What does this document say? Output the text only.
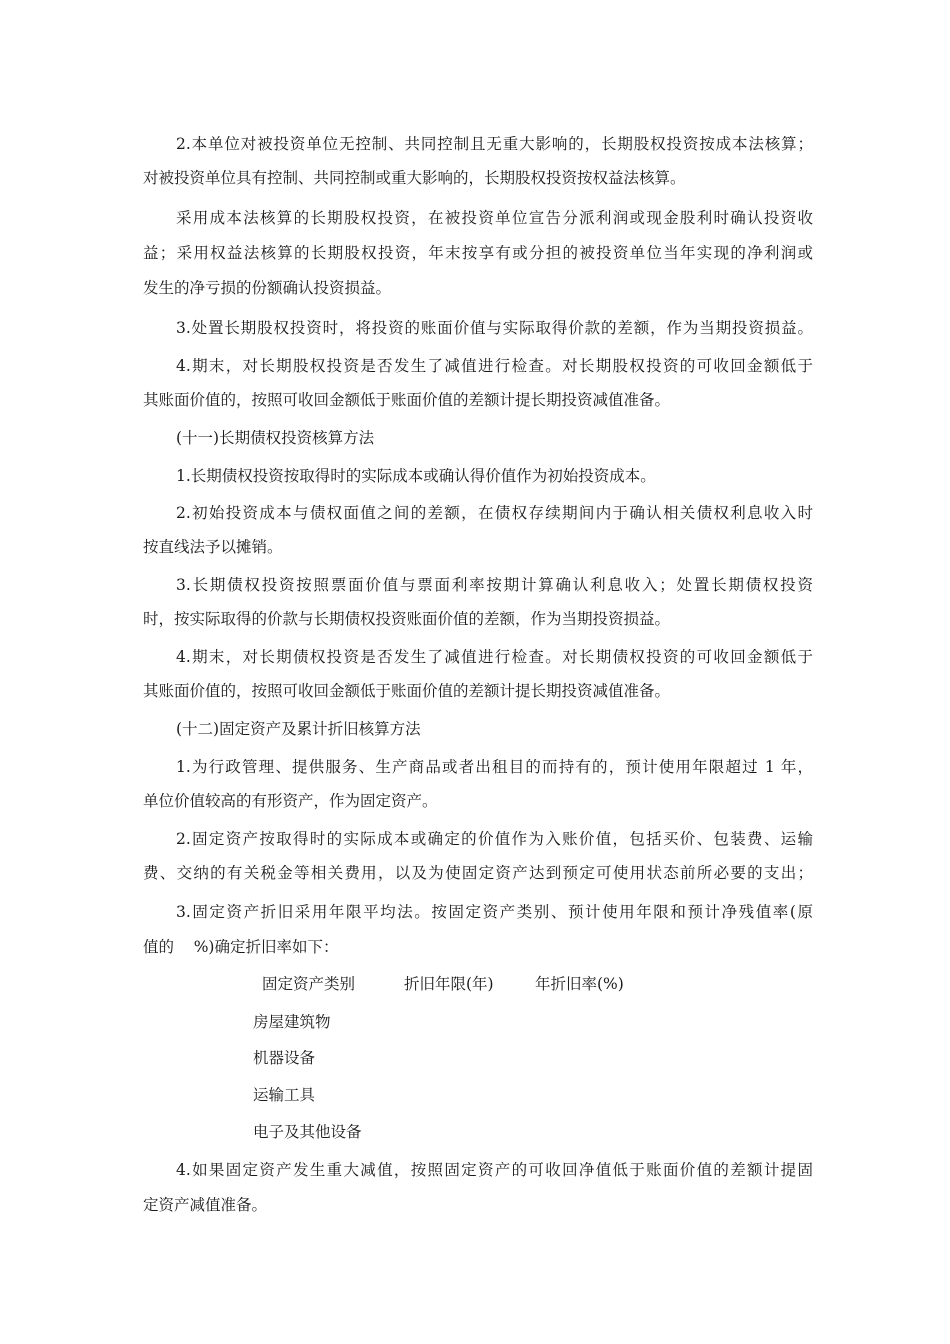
2.本单位对被投资单位无控制、共同控制且无重大影响的，长期股权投资按成本法核算；
对被投资单位具有控制、共同控制或重大影响的，长期股权投资按权益法核算。
采用成本法核算的长期股权投资，在被投资单位宣告分派利润或现金股利时确认投资收
益；采用权益法核算的长期股权投资，年末按享有或分担的被投资单位当年实现的净利润或
发生的净亏损的份额确认投资损益。
3.处置长期股权投资时，将投资的账面价值与实际取得价款的差额，作为当期投资损益。
4.期末，对长期股权投资是否发生了减值进行检查。对长期股权投资的可收回金额低于
其账面价值的，按照可收回金额低于账面价值的差额计提长期投资减值准备。
(十一)长期债权投资核算方法
1.长期债权投资按取得时的实际成本或确认得价值作为初始投资成本。
2.初始投资成本与债权面值之间的差额，在债权存续期间内于确认相关债权利息收入时
按直线法予以摊销。
3.长期债权投资按照票面价值与票面利率按期计算确认利息收入；处置长期债权投资
时，按实际取得的价款与长期债权投资账面价值的差额，作为当期投资损益。
4.期末，对长期债权投资是否发生了减值进行检查。对长期债权投资的可收回金额低于
其账面价值的，按照可收回金额低于账面价值的差额计提长期投资减值准备。
(十二)固定资产及累计折旧核算方法
1.为行政管理、提供服务、生产商品或者出租目的而持有的，预计使用年限超过 1 年，
单位价值较高的有形资产，作为固定资产。
2.固定资产按取得时的实际成本或确定的价值作为入账价值，包括买价、包装费、运输
费、交纳的有关税金等相关费用，以及为使固定资产达到预定可使用状态前所必要的支出；
3.固定资产折旧采用年限平均法。按固定资产类别、预计使用年限和预计净残值率(原
值的    %)确定折旧率如下：
固定资产类别	折旧年限(年)	年折旧率(%)
房屋建筑物
机器设备
运输工具
电子及其他设备
4.如果固定资产发生重大减值，按照固定资产的可收回净值低于账面价值的差额计提固
定资产减值准备。
